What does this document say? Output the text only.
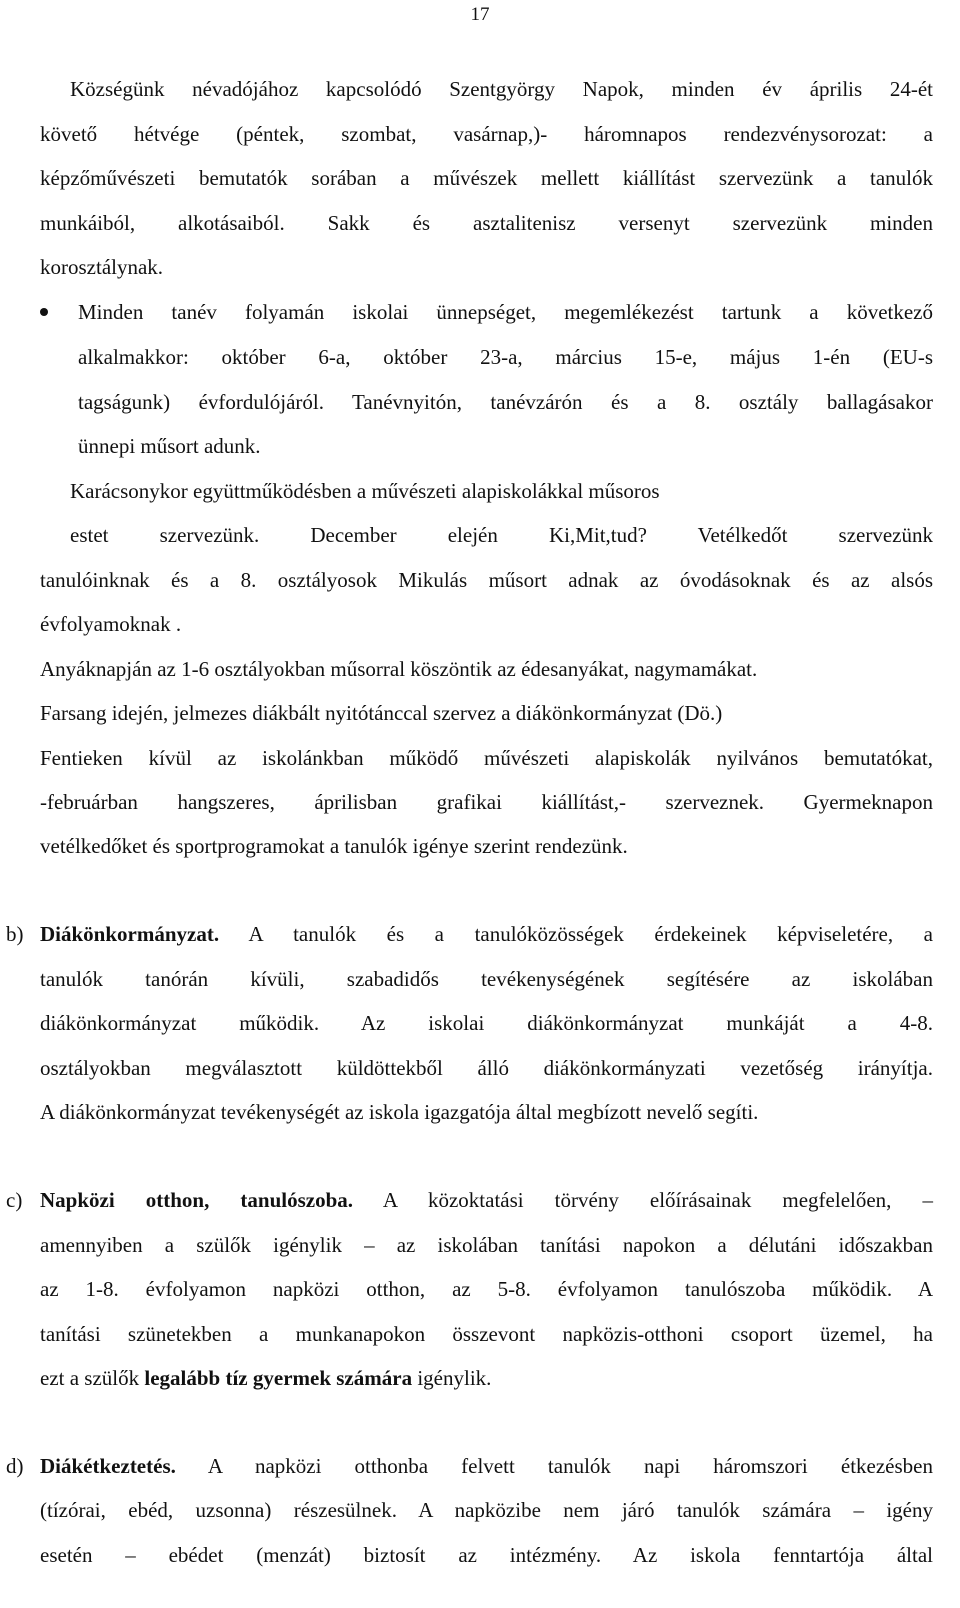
17
Községünk névadójához kapcsolódó Szentgyörgy Napok, minden év április 24-ét
követő hétvége (péntek, szombat, vasárnap,)- háromnapos rendezvénysorozat: a
képzőművészeti bemutatók sorában a művészek mellett kiállítást szervezünk a tanulók
munkáiból, alkotásaiból. Sakk és asztalitenisz versenyt szervezünk minden
korosztálynak.
Minden tanév folyamán iskolai ünnepséget, megemlékezést tartunk a következő
alkalmakkor: október 6-a, október 23-a, március 15-e, május 1-én (EU-s
tagságunk) évfordulójáról. Tanévnyitón, tanévzárón és a 8. osztály ballagásakor
ünnepi műsort adunk.
Karácsonykor együttműködésben a művészeti alapiskolákkal műsoros
estet szervezünk. December elején Ki,Mit,tud? Vetélkedőt szervezünk
tanulóinknak és a 8. osztályosok Mikulás műsort adnak az óvodásoknak és az alsós
évfolyamoknak .
Anyáknapján az 1-6 osztályokban műsorral köszöntik az édesanyákat, nagymamákat.
Farsang idején, jelmezes diákbált nyitótánccal szervez a diákönkormányzat (Dö.)
Fentieken kívül az iskolánkban működő művészeti alapiskolák nyilvános bemutatókat,
-februárban hangszeres, áprilisban grafikai kiállítást,- szerveznek. Gyermeknapon
vetélkedőket és sportprogramokat a tanulók igénye szerint rendezünk.
b) Diákönkormányzat. A tanulók és a tanulóközösségek érdekeinek képviseletére, a
tanulók tanórán kívüli, szabadidős tevékenységének segítésére az iskolában
diákönkormányzat működik. Az iskolai diákönkormányzat munkáját a 4-8.
osztályokban megválasztott küldöttekből álló diákönkormányzati vezetőség irányítja.
A diákönkormányzat tevékenységét az iskola igazgatója által megbízott nevelő segíti.
c) Napközi otthon, tanulószoba. A közoktatási törvény előírásainak megfelelően, –
amennyiben a szülők igénylik – az iskolában tanítási napokon a délutáni időszakban
az 1-8. évfolyamon napközi otthon, az 5-8. évfolyamon tanulószoba működik. A
tanítási szünetekben a munkanapokon összevont napközis-otthoni csoport üzemel, ha
ezt a szülők legalább tíz gyermek számára igénylik.
d) Diákétkeztetés. A napközi otthonba felvett tanulók napi háromszori étkezésben
(tízórai, ebéd, uzsonna) részesülnek. A napközibe nem járó tanulók számára – igény
esetén – ebédet (menzát) biztosít az intézmény. Az iskola fenntartója által
